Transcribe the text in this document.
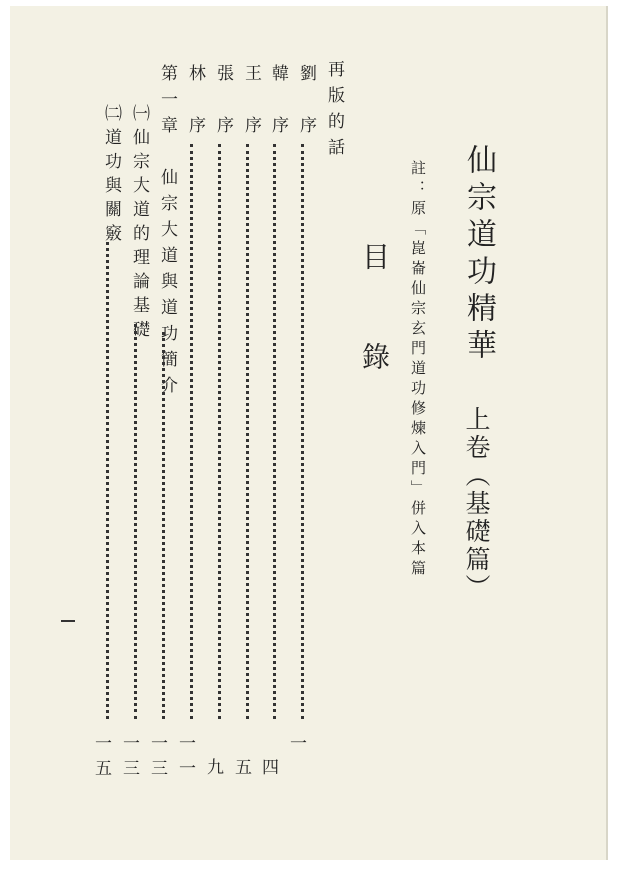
仙宗道功精華
上卷（基礎篇）
註：原「崑崙仙宗玄門道功修煉入門」併入本篇
目
錄
再版的話
劉　序
一
韓　序
四
王　序
五
張　序
九
林　序
一一
第一章　仙宗大道與道功簡介
一三
㈠仙宗大道的理論基礎
一三
㈡道功與關竅
一五
